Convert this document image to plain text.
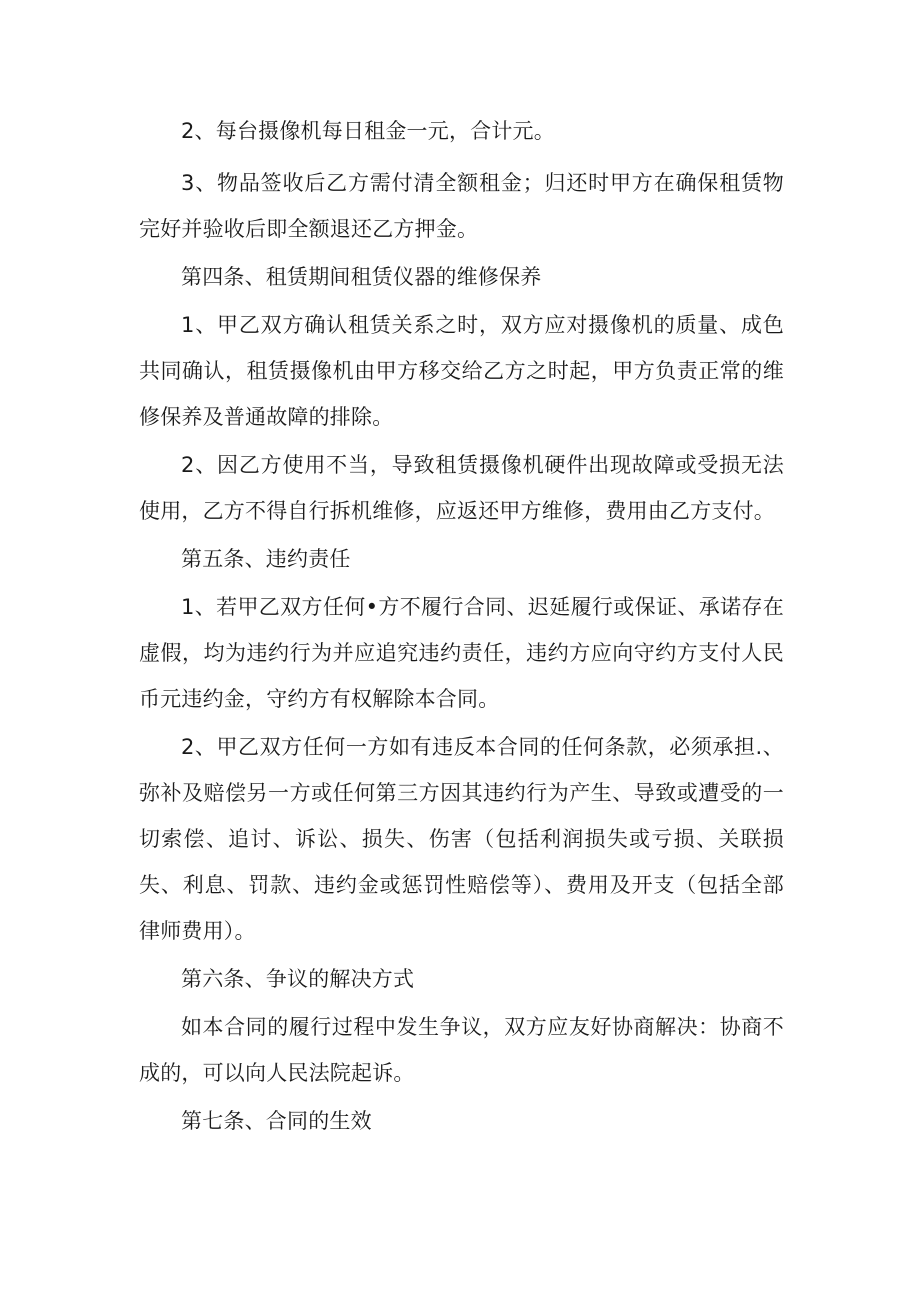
2、每台摄像机每日租金一元，合计元。

3、物品签收后乙方需付清全额租金；归还时甲方在确保租赁物完好并验收后即全额退还乙方押金。

第四条、租赁期间租赁仪器的维修保养

1、甲乙双方确认租赁关系之时，双方应对摄像机的质量、成色共同确认，租赁摄像机由甲方移交给乙方之时起，甲方负责正常的维修保养及普通故障的排除。

2、因乙方使用不当，导致租赁摄像机硬件出现故障或受损无法使用，乙方不得自行拆机维修，应返还甲方维修，费用由乙方支付。

第五条、违约责任

1、若甲乙双方任何•方不履行合同、迟延履行或保证、承诺存在虚假，均为违约行为并应追究违约责任，违约方应向守约方支付人民币元违约金，守约方有权解除本合同。

2、甲乙双方任何一方如有违反本合同的任何条款，必须承担.、弥补及赔偿另一方或任何第三方因其违约行为产生、导致或遭受的一切索偿、追讨、诉讼、损失、伤害（包括利润损失或亏损、关联损失、利息、罚款、违约金或惩罚性赔偿等）、费用及开支（包括全部律师费用）。

第六条、争议的解决方式

如本合同的履行过程中发生争议，双方应友好协商解决：协商不成的，可以向人民法院起诉。

第七条、合同的生效
